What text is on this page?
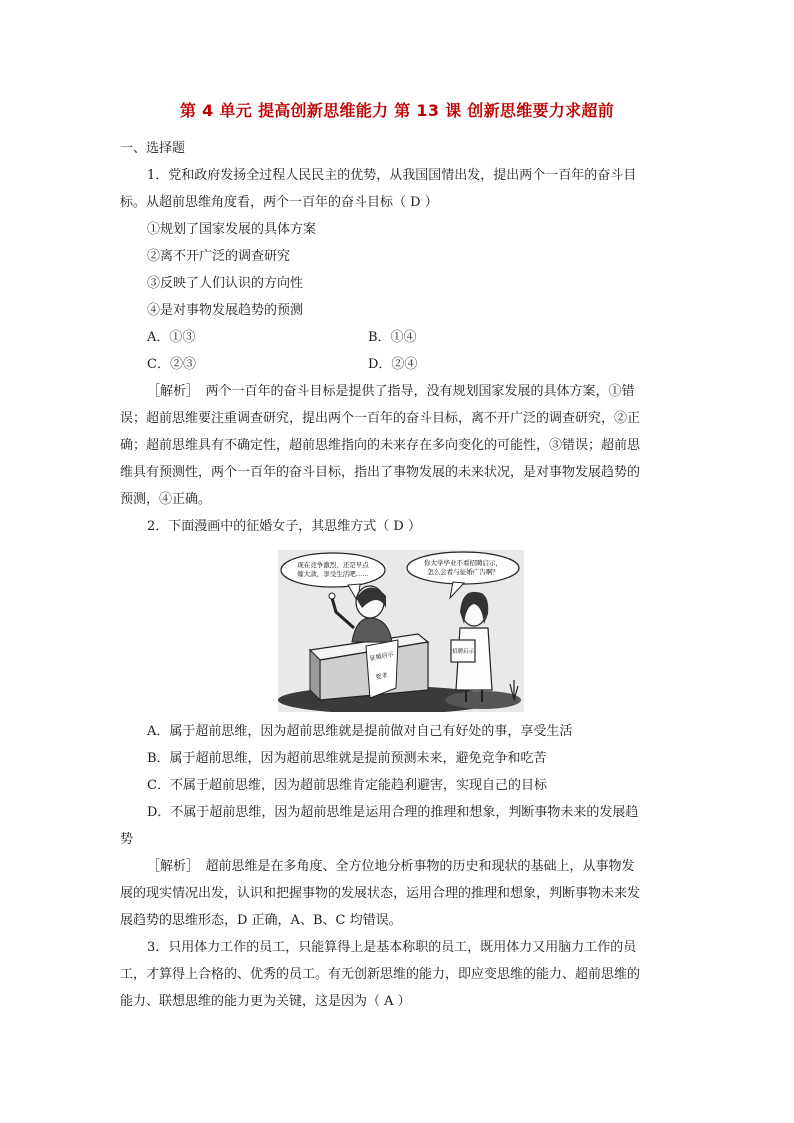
第 4 单元 提高创新思维能力 第 13 课 创新思维要力求超前

一、选择题

1．党和政府发扬全过程人民民主的优势，从我国国情出发，提出两个一百年的奋斗目

标。从超前思维角度看，两个一百年的奋斗目标（ D ）

①规划了国家发展的具体方案

②离不开广泛的调查研究

③反映了人们认识的方向性

④是对事物发展趋势的预测

A．①③	B．①④
C．②③	D．②④

［解析］　两个一百年的奋斗目标是提供了指导，没有规划国家发展的具体方案，①错

误；超前思维要注重调查研究，提出两个一百年的奋斗目标，离不开广泛的调查研究，②正

确；超前思维具有不确定性，超前思维指向的未来存在多向变化的可能性，③错误；超前思

维具有预测性，两个一百年的奋斗目标，指出了事物发展的未来状况，是对事物发展趋势的

预测，④正确。

2．下面漫画中的征婚女子，其思维方式（ D ）

现在竞争激烈，还是早点
嫁大款，享受生活吧……
你大学毕业不看招聘启示，
怎么会看与征婚广告啊？
征婚启示
要求
招聘启示

A．属于超前思维，因为超前思维就是提前做对自己有好处的事，享受生活

B．属于超前思维，因为超前思维就是提前预测未来，避免竞争和吃苦

C．不属于超前思维，因为超前思维肯定能趋利避害，实现自己的目标

D．不属于超前思维，因为超前思维是运用合理的推理和想象，判断事物未来的发展趋

势

［解析］　超前思维是在多角度、全方位地分析事物的历史和现状的基础上，从事物发

展的现实情况出发，认识和把握事物的发展状态，运用合理的推理和想象，判断事物未来发

展趋势的思维形态，D 正确，A、B、C 均错误。

3．只用体力工作的员工，只能算得上是基本称职的员工，既用体力又用脑力工作的员

工，才算得上合格的、优秀的员工。有无创新思维的能力，即应变思维的能力、超前思维的

能力、联想思维的能力更为关键，这是因为（ A ）
